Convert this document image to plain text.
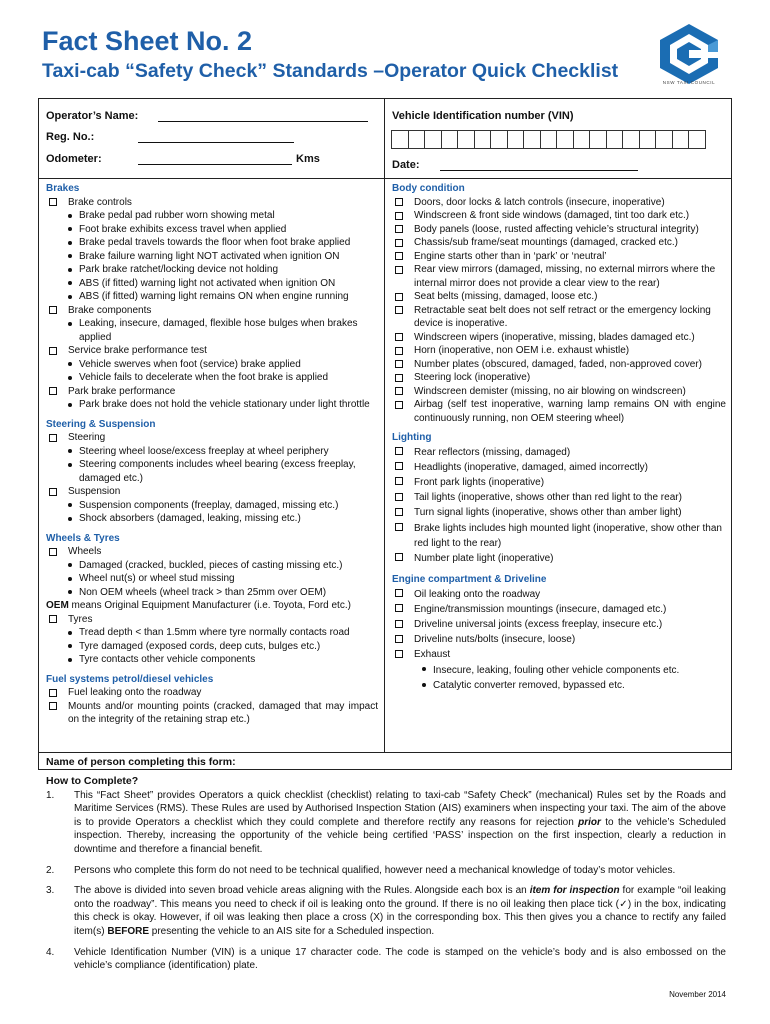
Fact Sheet No. 2
Taxi-cab “Safety Check” Standards –Operator Quick Checklist
NSW TAXI COUNCIL
Operator’s Name:
Reg. No.:
Odometer:	Kms
Vehicle Identification number (VIN)
Date:
Brakes
Brake controls
Brake pedal pad rubber worn showing metal
Foot brake exhibits excess travel when applied
Brake pedal travels towards the floor when foot brake applied
Brake failure warning light NOT activated when ignition ON
Park brake ratchet/locking device not holding
ABS (if fitted) warning light not activated when ignition ON
ABS (if fitted) warning light remains ON when engine running
Brake components
Leaking, insecure, damaged, flexible hose bulges when brakes applied
Service brake performance test
Vehicle swerves when foot (service) brake applied
Vehicle fails to decelerate when the foot brake is applied
Park brake performance
Park brake does not hold the vehicle stationary under light throttle
Steering & Suspension
Steering
Steering wheel loose/excess freeplay at wheel periphery
Steering components includes wheel bearing (excess freeplay, damaged etc.)
Suspension
Suspension components (freeplay, damaged, missing etc.)
Shock absorbers (damaged, leaking, missing etc.)
Wheels & Tyres
Wheels
Damaged (cracked, buckled, pieces of casting missing etc.)
Wheel nut(s) or wheel stud missing
Non OEM wheels (wheel track > than 25mm over OEM)
OEM means Original Equipment Manufacturer (i.e. Toyota, Ford etc.)
Tyres
Tread depth < than 1.5mm where tyre normally contacts road
Tyre damaged (exposed cords, deep cuts, bulges etc.)
Tyre contacts other vehicle components
Fuel systems petrol/diesel vehicles
Fuel leaking onto the roadway
Mounts and/or mounting points (cracked, damaged that may impact on the integrity of the retaining strap etc.)
Body condition
Doors, door locks & latch controls (insecure, inoperative)
Windscreen & front side windows (damaged, tint too dark etc.)
Body panels (loose, rusted affecting vehicle’s structural integrity)
Chassis/sub frame/seat mountings (damaged, cracked etc.)
Engine starts other than in ‘park’ or ‘neutral’
Rear view mirrors (damaged, missing, no external mirrors where the internal mirror does not provide a clear view to the rear)
Seat belts (missing, damaged, loose etc.)
Retractable seat belt does not self retract or the emergency locking device is inoperative.
Windscreen wipers (inoperative, missing, blades damaged etc.)
Horn (inoperative, non OEM i.e. exhaust whistle)
Number plates (obscured, damaged, faded, non-approved cover)
Steering lock (inoperative)
Windscreen demister (missing, no air blowing on windscreen)
Airbag (self test inoperative, warning lamp remains ON with engine continuously running, non OEM steering wheel)
Lighting
Rear reflectors (missing, damaged)
Headlights (inoperative, damaged, aimed incorrectly)
Front park lights (inoperative)
Tail lights (inoperative, shows other than red light to the rear)
Turn signal lights (inoperative, shows other than amber light)
Brake lights includes high mounted light (inoperative, show other than red light to the rear)
Number plate light (inoperative)
Engine compartment & Driveline
Oil leaking onto the roadway
Engine/transmission mountings (insecure, damaged etc.)
Driveline universal joints (excess freeplay, insecure etc.)
Driveline nuts/bolts (insecure, loose)
Exhaust
Insecure, leaking, fouling other vehicle components etc.
Catalytic converter removed, bypassed etc.
Name of person completing this form:
How to Complete?
1.	This “Fact Sheet” provides Operators a quick checklist (checklist) relating to taxi-cab “Safety Check” (mechanical) Rules set by the Roads and Maritime Services (RMS). These Rules are used by Authorised Inspection Station (AIS) examiners when inspecting your taxi. The aim of the above is to provide Operators a checklist which they could complete and therefore rectify any reasons for rejection prior to the vehicle’s Scheduled inspection. Thereby, increasing the opportunity of the vehicle being certified ‘PASS’ inspection on the first inspection, clearly a reduction in downtime and therefore a financial benefit.
2.	Persons who complete this form do not need to be technical qualified, however need a mechanical knowledge of today’s motor vehicles.
3.	The above is divided into seven broad vehicle areas aligning with the Rules. Alongside each box is an item for inspection for example “oil leaking onto the roadway”. This means you need to check if oil is leaking onto the ground. If there is no oil leaking then place tick (✓) in the box, indicating this check is okay. However, if oil was leaking then place a cross (X) in the corresponding box. This then gives you a chance to rectify any failed item(s) BEFORE presenting the vehicle to an AIS site for a Scheduled inspection.
4.	Vehicle Identification Number (VIN) is a unique 17 character code. The code is stamped on the vehicle’s body and is also embossed on the vehicle’s compliance (identification) plate.
November 2014
